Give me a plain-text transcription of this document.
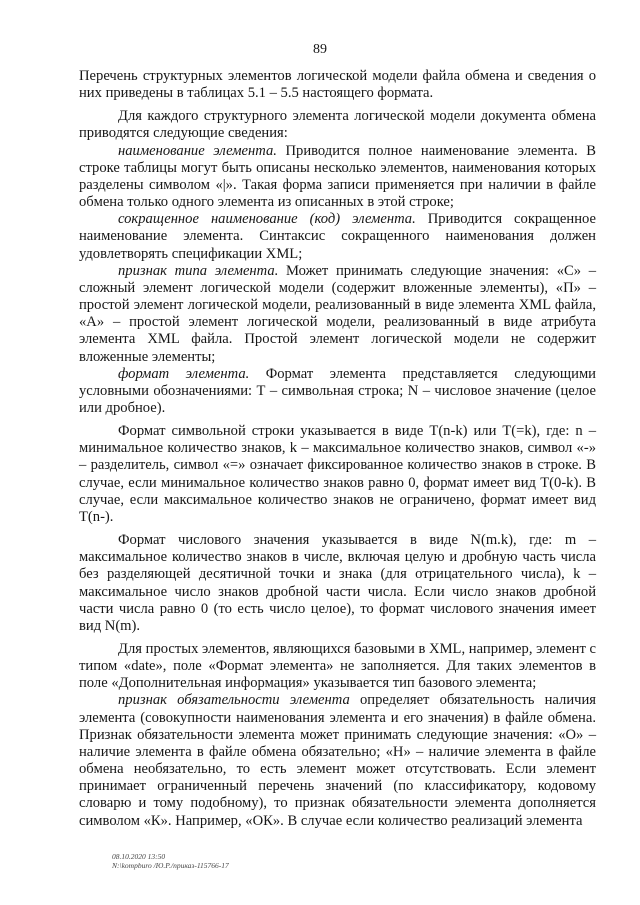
89

Перечень структурных элементов логической модели файла обмена и сведения о них приведены в таблицах 5.1 – 5.5 настоящего формата.

Для каждого структурного элемента логической модели документа обмена приводятся следующие сведения:

наименование элемента. Приводится полное наименование элемента. В строке таблицы могут быть описаны несколько элементов, наименования которых разделены символом «|». Такая форма записи применяется при наличии в файле обмена только одного элемента из описанных в этой строке;

сокращенное наименование (код) элемента. Приводится сокращенное наименование элемента. Синтаксис сокращенного наименования должен удовлетворять спецификации XML;

признак типа элемента. Может принимать следующие значения: «С» – сложный элемент логической модели (содержит вложенные элементы), «П» – простой элемент логической модели, реализованный в виде элемента XML файла, «А» – простой элемент логической модели, реализованный в виде атрибута элемента XML файла. Простой элемент логической модели не содержит вложенные элементы;

формат элемента. Формат элемента представляется следующими условными обозначениями: Т – символьная строка; N – числовое значение (целое или дробное).

Формат символьной строки указывается в виде Т(n-k) или Т(=k), где: n – минимальное количество знаков, k – максимальное количество знаков, символ «-» – разделитель, символ «=» означает фиксированное количество знаков в строке. В случае, если минимальное количество знаков равно 0, формат имеет вид Т(0-k). В случае, если максимальное количество знаков не ограничено, формат имеет вид Т(n-).

Формат числового значения указывается в виде N(m.k), где: m – максимальное количество знаков в числе, включая целую и дробную часть числа без разделяющей десятичной точки и знака (для отрицательного числа), k – максимальное число знаков дробной части числа. Если число знаков дробной части числа равно 0 (то есть число целое), то формат числового значения имеет вид N(m).

Для простых элементов, являющихся базовыми в XML, например, элемент с типом «date», поле «Формат элемента» не заполняется. Для таких элементов в поле «Дополнительная информация» указывается тип базового элемента;

признак обязательности элемента определяет обязательность наличия элемента (совокупности наименования элемента и его значения) в файле обмена. Признак обязательности элемента может принимать следующие значения: «О» – наличие элемента в файле обмена обязательно; «Н» – наличие элемента в файле обмена необязательно, то есть элемент может отсутствовать. Если элемент принимает ограниченный перечень значений (по классификатору, кодовому словарю и тому подобному), то признак обязательности элемента дополняется символом «К». Например, «ОК». В случае если количество реализаций элемента

08.10.2020 13:50
N:\kompburo /Ю.Р./приказ-115766-17
